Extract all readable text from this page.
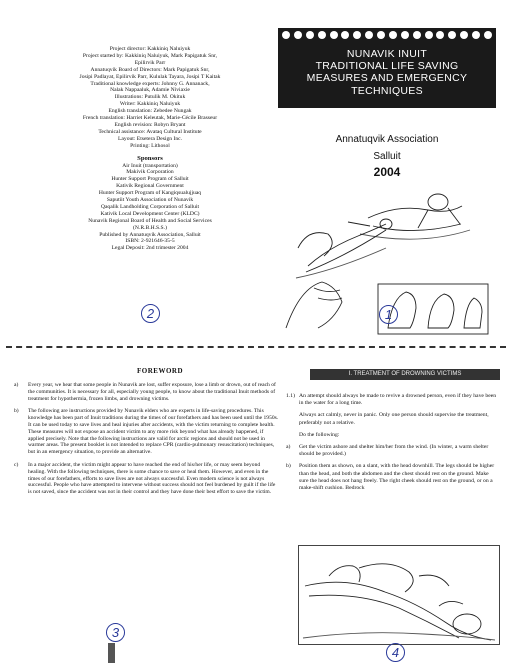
Project director: Kakkiniq Naluiyuk
Project started by: Kakkiniq Naluiyuk, Mark Papigatuk Snr,
Epilirvik Parr
Annatuqvik Board of Directors: Mark Papigatuk Snr,
Josipi Padlayat, Epilirvik Parr, Kululak Tayara, Josipi T Kaitak
Traditional knowledge experts: Johnny G. Annanack,
Nalak Nappaaluk, Adamie Niviaxie
Illustrations: Putulik M. Okituk
Writer: Kakkiniq Naluiyuk
English translation: Zebedee Nungak
French translation: Harriet Keleutak, Marie-Cécile Brasseur
English revision: Robyn Bryant
Technical assistance: Avataq Cultural Institute
Layout: Etsetera Design Inc.
Printing: Lithosol
Sponsors
Air Inuit (transportation)
Makivik Corporation
Hunter Support Program of Salluit
Kativik Regional Government
Hunter Support Program of Kangiqsualujjuaq
Saputiit Youth Association of Nunavik
Qaqalik Landholding Corporation of Salluit
Kativik Local Development Center (KLDC)
Nunavik Regional Board of Health and Social Services
(N.R.B.H.S.S.)
Published by Annatuqvik Association, Salluit
ISBN: 2-921646-35-5
Legal Deposit: 2nd trimester 2004
2
NUNAVIK INUIT
TRADITIONAL LIFE SAVING
MEASURES AND EMERGENCY
TECHNIQUES
Annatuqvik Association
Salluit
2004
1
FOREWORD
a)	Every year, we hear that some people in Nunavik are lost, suffer exposure, lose a limb or drown, out of reach of the communities. It is necessary for all, especially young people, to know about the traditional Inuit methods of treatment for hypothermia, frozen limbs, and drowning victims.
b)	The following are instructions provided by Nunavik elders who are experts in life-saving procedures. This knowledge has been part of Inuit traditions during the times of our forefathers and has been used until the 1950s. It can be used today to save lives and heal injuries after accidents, with the victim returning to complete health. These measures will not expose an accident victim to any more risk beyond what has already happened, if applied precisely. Note that the following instructions are valid for arctic regions and should not be used in warmer areas. The present booklet is not intended to replace CPR (cardio-pulmonary resuscitation) techniques, but in an emergency situation, to provide an alternative.
c)	In a major accident, the victim might appear to have reached the end of his/her life, or may seem beyond healing. With the following techniques, there is some chance to save or heal them. However, and even in the times of our forefathers, efforts to save lives are not always successful. Even modern science is not always successful. People who have attempted to intervene without success should not feel burdened by guilt if the life is not saved, since the accident was not in their control and they have done their best effort to save the victim.
3
I. TREATMENT OF DROWNING VICTIMS
1.1) An attempt should always be made to revive a drowned person, even if they have been in the water for a long time.
Always act calmly, never in panic. Only one person should supervise the treatment, preferably not a relative.
Do the following:
a)	Get the victim ashore and shelter him/her from the wind. (In winter, a warm shelter should be provided.)
b)	Position them as shown, on a slant, with the head downhill. The legs should be higher than the head, and both the abdomen and the chest should rest on the ground. Make sure the head does not hang freely. The right cheek should rest on the ground, or on a make-shift cushion. Bedrock
4
